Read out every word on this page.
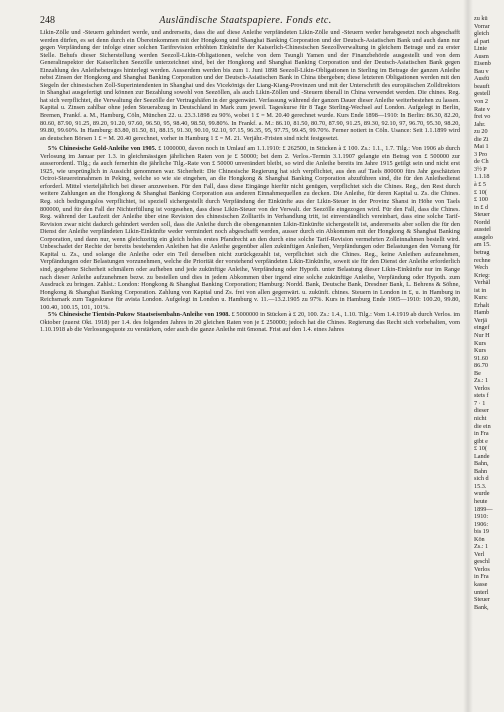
248	Ausländische Staatspapiere. Fonds etc.

Likin-Zölle und -Steuern gehindert werde, und andrerseits, dass die auf diese Anleihe verpfändeten Likin-Zölle und -Steuern weder herabgesetzt noch abgeschafft werden dürfen, es sei denn durch ein Übereinkommen mit der Hongkong und Shanghai Banking Corporation und der Deutsch-Asiatischen Bank und auch dann nur gegen Verpfändung der infolge einer solchen Tarifrevision erhöhten Einkünfte der Kaiserlich-Chinesischen Seezollverwaltung in gleichem Betrage und zu erster Stelle. Behufs dieser Sicherstellung werden Seezoll-Likin-Obligationen, welche von dem Tsungli Yamen und der Finanzbehörde ausgestellt und von dem Generalinspektor der Kaiserlichen Seezölle unterzeichnet sind, bei der Hongkong and Shanghai Banking Corporation und der Deutsch-Asiatischen Bank gegen Einzahlung des Anleihebetrages hinterlegt werden. Ausserdem werden bis zum 1. Juni 1898 Seezoll-Likin-Obligationen in Sterling im Betrage der ganzen Anleihe nebst Zinsen der Hongkong and Shanghai Banking Corporation und der Deutsch-Asiatischen Bank in China übergeben; diese letzteren Obligationen werden mit den Siegeln der chinesischen Zoll-Superintendenten in Shanghai und des Vicekönigs der Liang-Kiang-Provinzen und mit der Unterschrift des europäischen Zolldirektors in Shanghai ausgefertigt und können zur Bezahlung sowohl von Seezöllen, als auch Likin-Zöllen und -Steuern überall in China verwendet werden. Die chines. Reg. hat sich verpflichtet, die Verwaltung der Seezölle der Vertragshäfen in der gegenwärt. Verfassung während der ganzen Dauer dieser Anleihe weiterbestehen zu lassen. Kapital u. Zinsen zahlbar ohne jeden Steuerabzug in Deutschland in Mark zum jeweil. Tageskurse für 8 Tage Sterling-Wechsel auf London. Aufgelegt in Berlin, Bremen, Frankf. a. M., Hamburg, Cöln, München 22. u. 23.3.1898 zu 90%, wobei 1 £ = M. 20.40 gerechnet wurde. Kurs Ende 1898—1910: In Berlin: 86.30, 82.20, 80.60, 87.90, 91.25, 89.20, 91.20, 97.60, 96.50, 95, 98.40, 98.50, 99.80%. In Frankf. a. M.: 86.10, 81.50, 80.70, 87.90, 91.25, 89.30, 92.10, 97, 96.70, 95.30, 98.20, 99.80, 99.60%. In Hamburg: 83.80, 81.50, 81, 88.15, 91.30, 90.10, 92.10, 97.15, 96.35, 95, 97.75, 99.45, 99.70%. Ferner notiert in Cöln. Usance: Seit 1.1.1899 wird an deutschen Börsen 1 £ = M. 20.40 gerechnet, vorher in Hamburg 1 £ = M. 21. Verjähr.-Fristen sind nicht festgesetzt.

5% Chinesische Gold-Anleihe von 1905. £ 1000000, davon noch in Umlauf am 1.1.1910: £ 262500, in Stücken à £ 100. Zs.: 1.1., 1.7. Tilg.: Von 1906 ab durch Verlosung im Januar per 1.3. in gleichmässigen jährlichen Raten von je £ 50000; bei dem 2. Verlos.-Termin 3.1.1907 gelangte ein Betrag von £ 500000 zur ausserordentl. Tilg.; da auch fernerhin die jährliche Tilg.-Rate von £ 50000 unverändert bleibt, so wird die Anleihe bereits im Jahre 1915 getilgt sein und nicht erst 1925, wie ursprünglich in Aussicht genommen war. Sicherheit: Die Chinesische Regierung hat sich verpflichtet, aus den auf Taels 800000 fürs Jahr geschätzten Octroi-Steuereinnahmen in Peking, welche so wie sie eingehen, an die Hongkong & Shanghai Banking Corporation abzuführen sind, die für den Anleihedienst erforderl. Mittel vierteljährlich bei dieser anzuweisen. Für den Fall, dass diese Eingänge hierfür nicht genügen, verpflichtet sich die Chines. Reg., den Rest durch weitere Zahlungen an die Hongkong & Shanghai Banking Corporation aus anderen Einnahmequellen zu decken. Die Anleihe, für deren Kapital u. Zs. die Chines. Reg. sich bedingungslos verpflichtet, ist speziell sichergestellt durch Verpfändung der Einkünfte aus der Likin-Steuer in der Provinz Shansi in Höhe von Taels 800000, und für den Fall der Nichterfüllung ist vorgesehen, dass diese Likin-Steuer von der Verwalt. der Seezölle eingezogen wird. Für den Fall, dass die Chines. Reg. während der Laufzeit der Anleihe über eine Revision des chinesischen Zolltarifs in Verhandlung tritt, ist einverständlich vereinbart, dass eine solche Tarif-Revision zwar nicht dadurch gehindert werden soll, dass die Anleihe durch die obengenannten Likin-Einkünfte sichergestellt ist, andererseits aber sollen die für den Dienst der Anleihe verpfändeten Likin-Einkünfte weder vermindert noch abgeschafft werden, ausser durch ein Abkommen mit der Hongkong & Shanghai Banking Corporation, und dann nur, wenn gleichzeitig ein gleich hohes erstes Pfandrecht an den durch eine solche Tarif-Revision vermehrten Zolleinnahmen bestellt wird. Unbeschadet der Rechte der bereits bestehenden Anleihen hat die Anleihe gegenüber allen zukünftigen Anleihen, Verpfändungen oder Belastungen den Vorrang für Kapital u. Zs., und solange die Anleihe oder ein Teil derselben nicht zurückgezahlt ist, verpflichtet sich die Chines. Reg., keine Anleihen aufzunehmen, Verpfändungen oder Belastungen vorzunehmen, welche die Priorität der vorstehend verpfändeten Likin-Einkünfte, soweit sie für den Dienst der Anleihe erforderlich sind, gegebene Sicherheit schmälern oder aufheben und jede zukünftige Anleihe, Verpfändung oder Hypoth. unter Belastung dieser Likin-Einkünfte nur im Range nach dieser Anleihe aufzunehmen bezw. zu bestellen und dies in jedem Abkommen über irgend eine solche zukünftige Anleihe, Verpfändung oder Hypoth. zum Ausdruck zu bringen. Zahlst.: London: Hongkong & Shanghai Banking Corporation; Hamburg: Nordd. Bank, Deutsche Bank, Dresdner Bank, L. Behrens & Söhne, Hongkong & Shanghai Banking Corporation. Zahlung von Kapital und Zs. frei von allen gegenwärt. u. zukünft. chines. Steuern in London in £, u. in Hamburg in Reichsmark zum Tageskurse für avista London. Aufgelegt in London u. Hamburg v. 11.—13.2.1905 zu 97%. Kurs in Hamburg Ende 1905—1910: 100.20, 99.80, 100.40, 100.15, 101, 101%.

5% Chinesische Tientsin-Pukow Staatseisenbahn-Anleihe von 1908. £ 5000000 in Stücken à £ 20, 100. Zs.: 1.4., 1.10. Tilg.: Vom 1.4.1919 ab durch Verlos. im Oktober (zuerst Okt. 1918) per 1.4. des folgenden Jahres in 20 gleichen Raten von je £ 250000; jedoch hat die Chines. Regierung das Recht sich vorbehalten, vom 1.10.1918 ab die Verlosungsquote zu verstärken, oder auch die ganze Anleihe mit 6monat. Frist auf den 1.4. eines Jahres

zu kü
Vorrar
gleich
al pari
Linie
Ausm
Eisenb
Bau v
Ausfü
beauft
gestell
von 2
Rate v
frei vo
Jahr.
zu 20
die Zi
Mai 1
3 Pro
de Ch
3½ P
1.1.18
à £ 5
£ 10(
£ 100
in £ d
Steuer
Nordd
ausstel
ausgelo
am 15.
betrag
rechne
Wech
Krieg:
Verhäl
ist in
Kurs:
Erhalt
Hamb
Verjä
eingef
Nur H
Kurs
Kurs
91.60
86.70
Be
Zs.: 1
Verlos
stets f
7 · 1
dieser
nicht
die ein
in Fra
gibt e
£ 10(
Lande
Bahn,
Bahn
sich d
15.3.
wurde
heute
1899—
1910:
1906:
bis 19
Kön
Zs.: 1
Verl
geschl
Verlos
in Fra
kasse
unterl
Steuer
Bank,
